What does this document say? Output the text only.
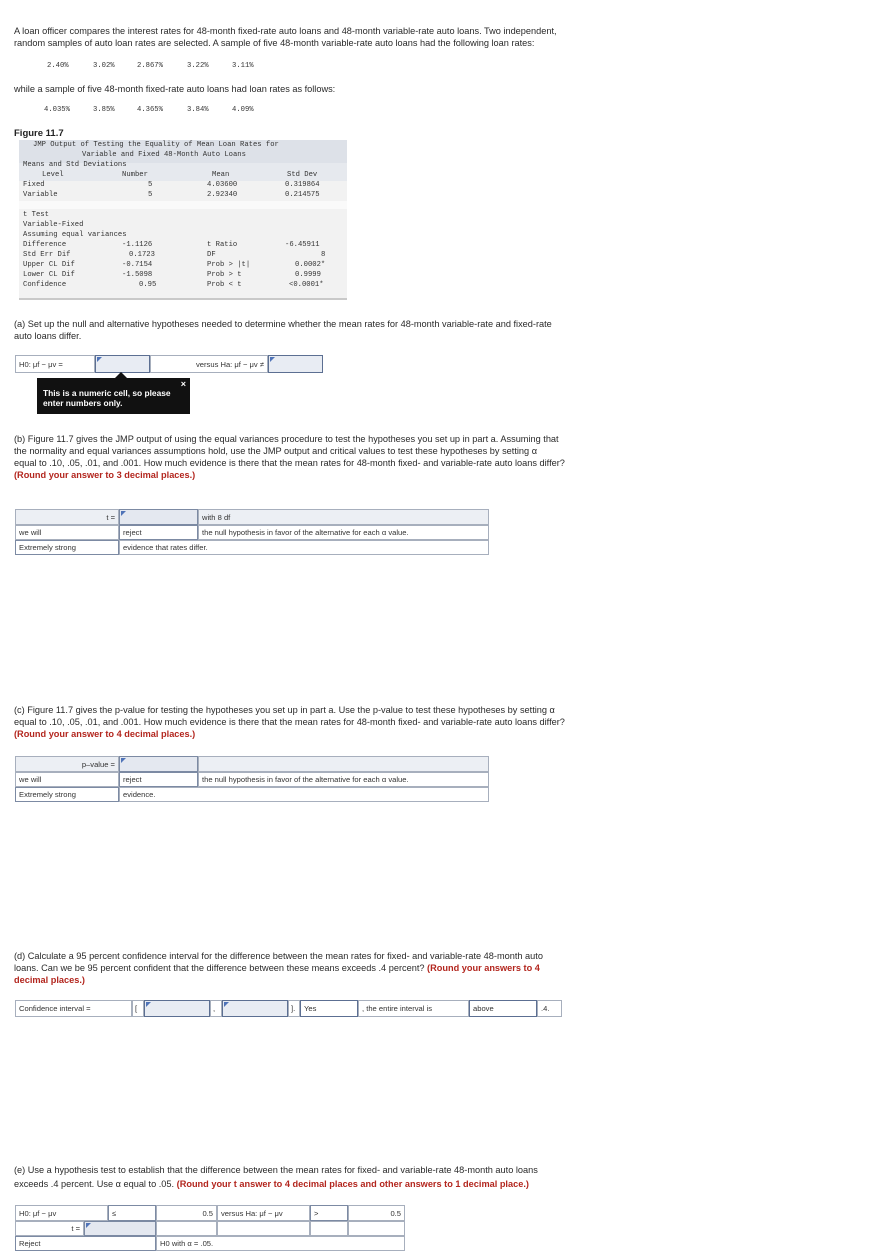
A loan officer compares the interest rates for 48-month fixed-rate auto loans and 48-month variable-rate auto loans. Two independent,
random samples of auto loan rates are selected. A sample of five 48-month variable-rate auto loans had the following loan rates:
2.40%	3.02%	2.867%	3.22%	3.11%
while a sample of five 48-month fixed-rate auto loans had loan rates as follows:
4.035%	3.85%	4.365%	3.84%	4.09%
Figure 11.7
JMP Output of Testing the Equality of Mean Loan Rates for
Variable and Fixed 48-Month Auto Loans
Means and Std Deviations
Level	Number	Mean	Std Dev
Fixed	5	4.03600	0.319864
Variable	5	2.92340	0.214575
t Test
Variable-Fixed
Assuming equal variances
Difference	-1.1126	t Ratio	-6.45911
Std Err Dif	0.1723	DF	8
Upper CL Dif	-0.7154	Prob > |t|	0.0002*
Lower CL Dif	-1.5098	Prob > t	0.9999
Confidence	0.95	Prob < t	<0.0001*
(a) Set up the null and alternative hypotheses needed to determine whether the mean rates for 48-month variable-rate and fixed-rate
auto loans differ.
H0: μf − μv =	versus Ha: μf − μv ≠
×
This is a numeric cell, so please
enter numbers only.
(b) Figure 11.7 gives the JMP output of using the equal variances procedure to test the hypotheses you set up in part a. Assuming that
the normality and equal variances assumptions hold, use the JMP output and critical values to test these hypotheses by setting α
equal to .10, .05, .01, and .001. How much evidence is there that the mean rates for 48-month fixed- and variable-rate auto loans differ?
(Round your answer to 3 decimal places.)
t =	with 8 df
we will	reject	the null hypothesis in favor of the alternative for each α value.
Extremely strong	evidence that rates differ.
(c) Figure 11.7 gives the p-value for testing the hypotheses you set up in part a. Use the p-value to test these hypotheses by setting α
equal to .10, .05, .01, and .001. How much evidence is there that the mean rates for 48-month fixed- and variable-rate auto loans differ?
(Round your answer to 4 decimal places.)
p–value =
we will	reject	the null hypothesis in favor of the alternative for each α value.
Extremely strong	evidence.
(d) Calculate a 95 percent confidence interval for the difference between the mean rates for fixed- and variable-rate 48-month auto
loans. Can we be 95 percent confident that the difference between these means exceeds .4 percent? (Round your answers to 4
decimal places.)
Confidence interval =	[	,	].	Yes	, the entire interval is	above	.4.
(e) Use a hypothesis test to establish that the difference between the mean rates for fixed- and variable-rate 48-month auto loans
exceeds .4 percent. Use α equal to .05. (Round your t answer to 4 decimal places and other answers to 1 decimal place.)
H0: μf − μv	≤	0.5	versus Ha: μf − μv	>	0.5
t =
Reject	H0 with α = .05.
